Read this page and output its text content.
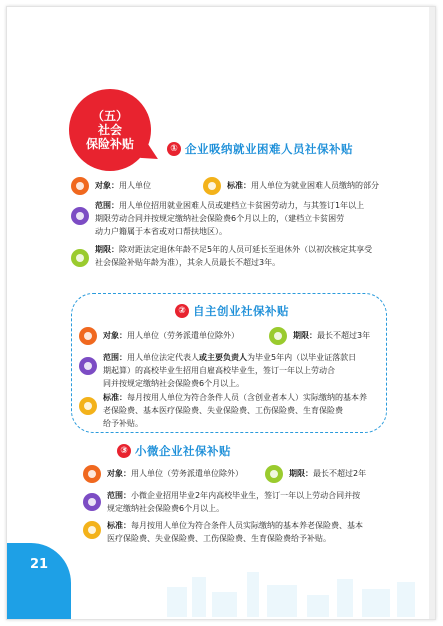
（五）
社会
保险补贴	① 企业吸纳就业困难人员社保补贴
对象：用人单位	标准：用人单位为就业困难人员缴纳的部分
范围：用人单位招用就业困难人员或建档立卡贫困劳动力，与其签订1年以上
期限劳动合同并按规定缴纳社会保险费6个月以上的，（建档立卡贫困劳
动力户籍属于本省或对口帮扶地区）。
期限：除对距法定退休年龄不足5年的人员可延长至退休外（以初次核定其享受
社会保险补贴年龄为准），其余人员最长不超过3年。
② 自主创业社保补贴
对象：用人单位（劳务派遣单位除外）	期限：最长不超过3年
范围：用人单位法定代表人或主要负责人为毕业5年内（以毕业证落款日
期起算）的高校毕业生招用自雇高校毕业生，签订一年以上劳动合
同并按规定缴纳社会保险费6个月以上。
标准：每月按用人单位为符合条件人员（含创业者本人）实际缴纳的基本养
老保险费、基本医疗保险费、失业保险费、工伤保险费、生育保险费
给予补贴。
③ 小微企业社保补贴
对象：用人单位（劳务派遣单位除外）	期限：最长不超过2年
范围：小微企业招用毕业2年内高校毕业生，签订一年以上劳动合同并按
规定缴纳社会保险费6个月以上。
标准：每月按用人单位为符合条件人员实际缴纳的基本养老保险费、基本
医疗保险费、失业保险费、工伤保险费、生育保险费给予补贴。
21
